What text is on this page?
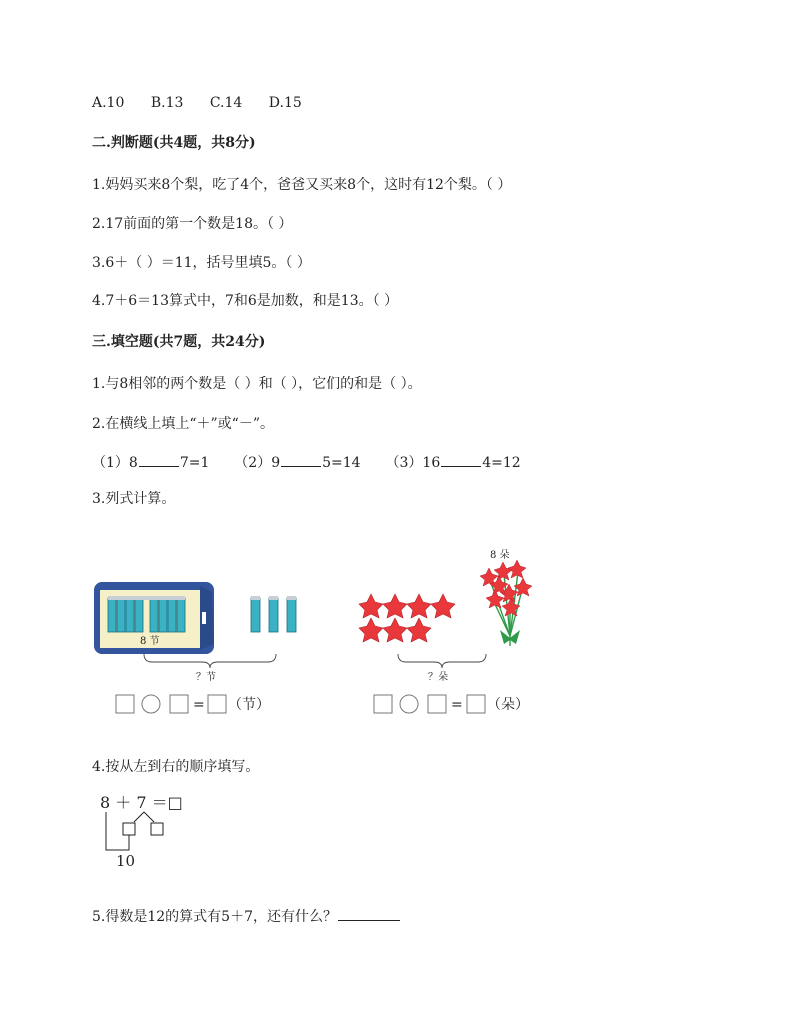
A.10 B.13 C.14 D.15
二.判断题(共4题，共8分)
1.妈妈买来8个梨，吃了4个，爸爸又买来8个，这时有12个梨。（ ）
2.17前面的第一个数是18。（ ）
3.6＋（ ）＝11，括号里填5。（ ）
4.7＋6＝13算式中，7和6是加数，和是13。（ ）
三.填空题(共7题，共24分)
1.与8相邻的两个数是（ ）和（ ），它们的和是（ ）。
2.在横线上填上“＋”或“－”。
（1）8	7=1 （2）9	5=14 （3）16	4=12
3.列式计算。
8 节
？节
= （节）
8 朵
？朵
= （朵）
4.按从左到右的顺序填写。
8 ＋ 7 ＝□
10
5.得数是12的算式有5＋7，还有什么？
